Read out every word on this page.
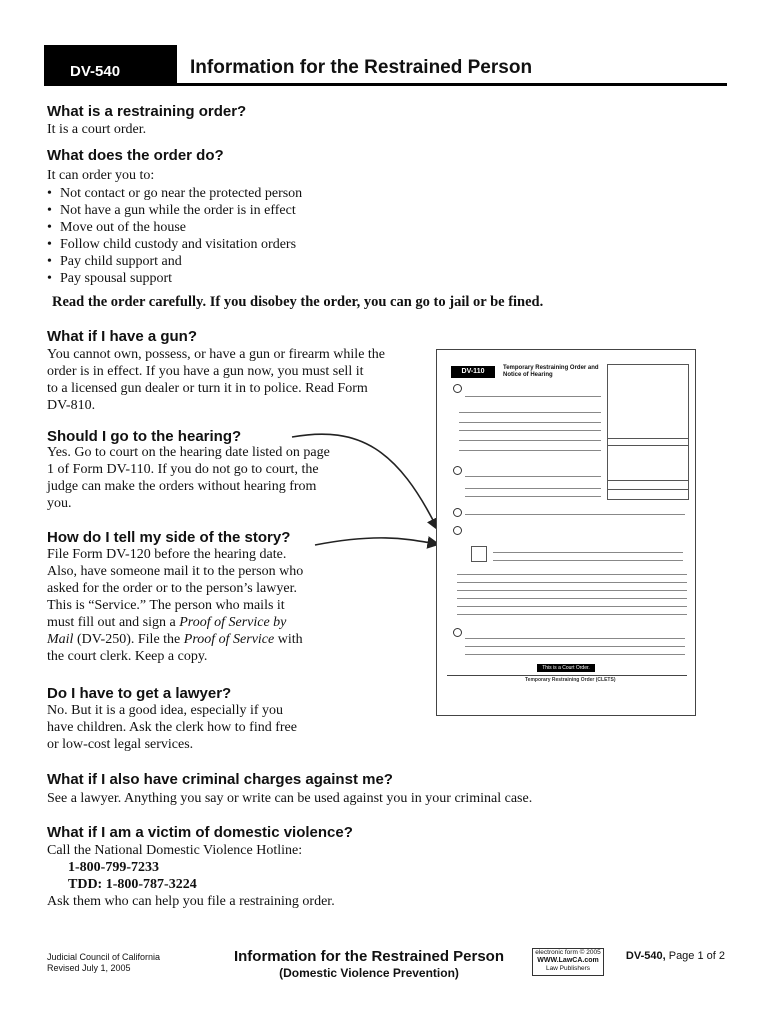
DV-540	Information for the Restrained Person
What is a restraining order?

It is a court order.

What does the order do?

It can order you to:

• Not contact or go near the protected person
• Not have a gun while the order is in effect
• Move out of the house
• Follow child custody and visitation orders
• Pay child support and
• Pay spousal support
Read the order carefully. If you disobey the order, you can go to jail or be fined.
What if I have a gun?

You cannot own, possess, or have a gun or firearm while the
order is in effect. If you have a gun now, you must sell it
to a licensed gun dealer or turn it in to police. Read Form
DV-810.

Should I go to the hearing?

Yes. Go to court on the hearing date listed on page
1 of Form DV-110. If you do not go to court, the
judge can make the orders without hearing from
you.

How do I tell my side of the story?

File Form DV-120 before the hearing date.
Also, have someone mail it to the person who
asked for the order or to the person’s lawyer.
This is “Service.” The person who mails it
must fill out and sign a Proof of Service by
Mail (DV-250). File the Proof of Service with
the court clerk. Keep a copy.

Do I have to get a lawyer?

No. But it is a good idea, especially if you
have children. Ask the clerk how to find free
or low-cost legal services.

What if I also have criminal charges against me?

See a lawyer. Anything you say or write can be used against you in your criminal case.

What if I am a victim of domestic violence?

Call the National Domestic Violence Hotline:
1-800-799-7233
TDD: 1-800-787-3224
Ask them who can help you file a restraining order.

DV-110	Temporary Restraining Order and Notice of Hearing
This is a Court Order.
Temporary Restraining Order (CLETS)
Judicial Council of California
Revised July 1, 2005
Information for the Restrained Person
(Domestic Violence Prevention)
electronic form © 2005
WWW.LawCA.com
Law Publishers
DV-540, Page 1 of 2
